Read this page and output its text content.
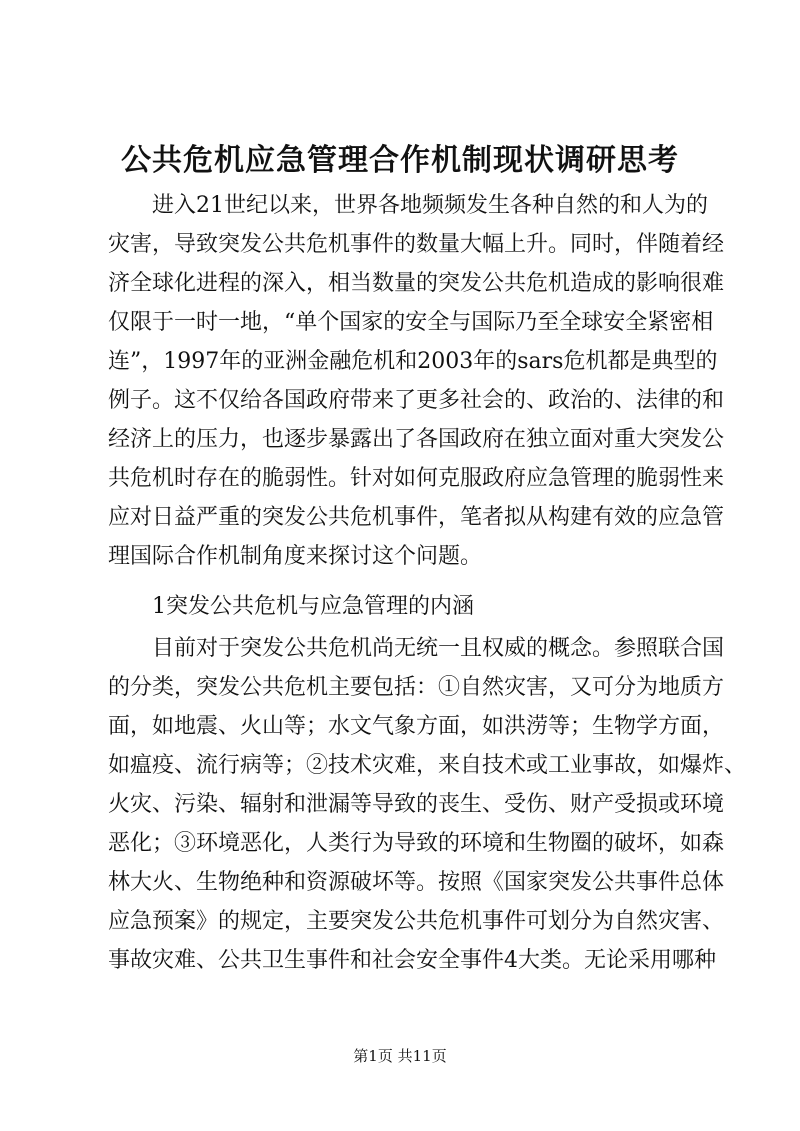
公共危机应急管理合作机制现状调研思考
进入21世纪以来，世界各地频频发生各种自然的和人为的
灾害，导致突发公共危机事件的数量大幅上升。同时，伴随着经
济全球化进程的深入，相当数量的突发公共危机造成的影响很难
仅限于一时一地，“单个国家的安全与国际乃至全球安全紧密相
连”，1997年的亚洲金融危机和2003年的sars危机都是典型的
例子。这不仅给各国政府带来了更多社会的、政治的、法律的和
经济上的压力，也逐步暴露出了各国政府在独立面对重大突发公
共危机时存在的脆弱性。针对如何克服政府应急管理的脆弱性来
应对日益严重的突发公共危机事件，笔者拟从构建有效的应急管
理国际合作机制角度来探讨这个问题。
1突发公共危机与应急管理的内涵
目前对于突发公共危机尚无统一且权威的概念。参照联合国
的分类，突发公共危机主要包括：①自然灾害，又可分为地质方
面，如地震、火山等；水文气象方面，如洪涝等；生物学方面，
如瘟疫、流行病等；②技术灾难，来自技术或工业事故，如爆炸、
火灾、污染、辐射和泄漏等导致的丧生、受伤、财产受损或环境
恶化；③环境恶化，人类行为导致的环境和生物圈的破坏，如森
林大火、生物绝种和资源破坏等。按照《国家突发公共事件总体
应急预案》的规定，主要突发公共危机事件可划分为自然灾害、
事故灾难、公共卫生事件和社会安全事件4大类。无论采用哪种
第1页 共11页
